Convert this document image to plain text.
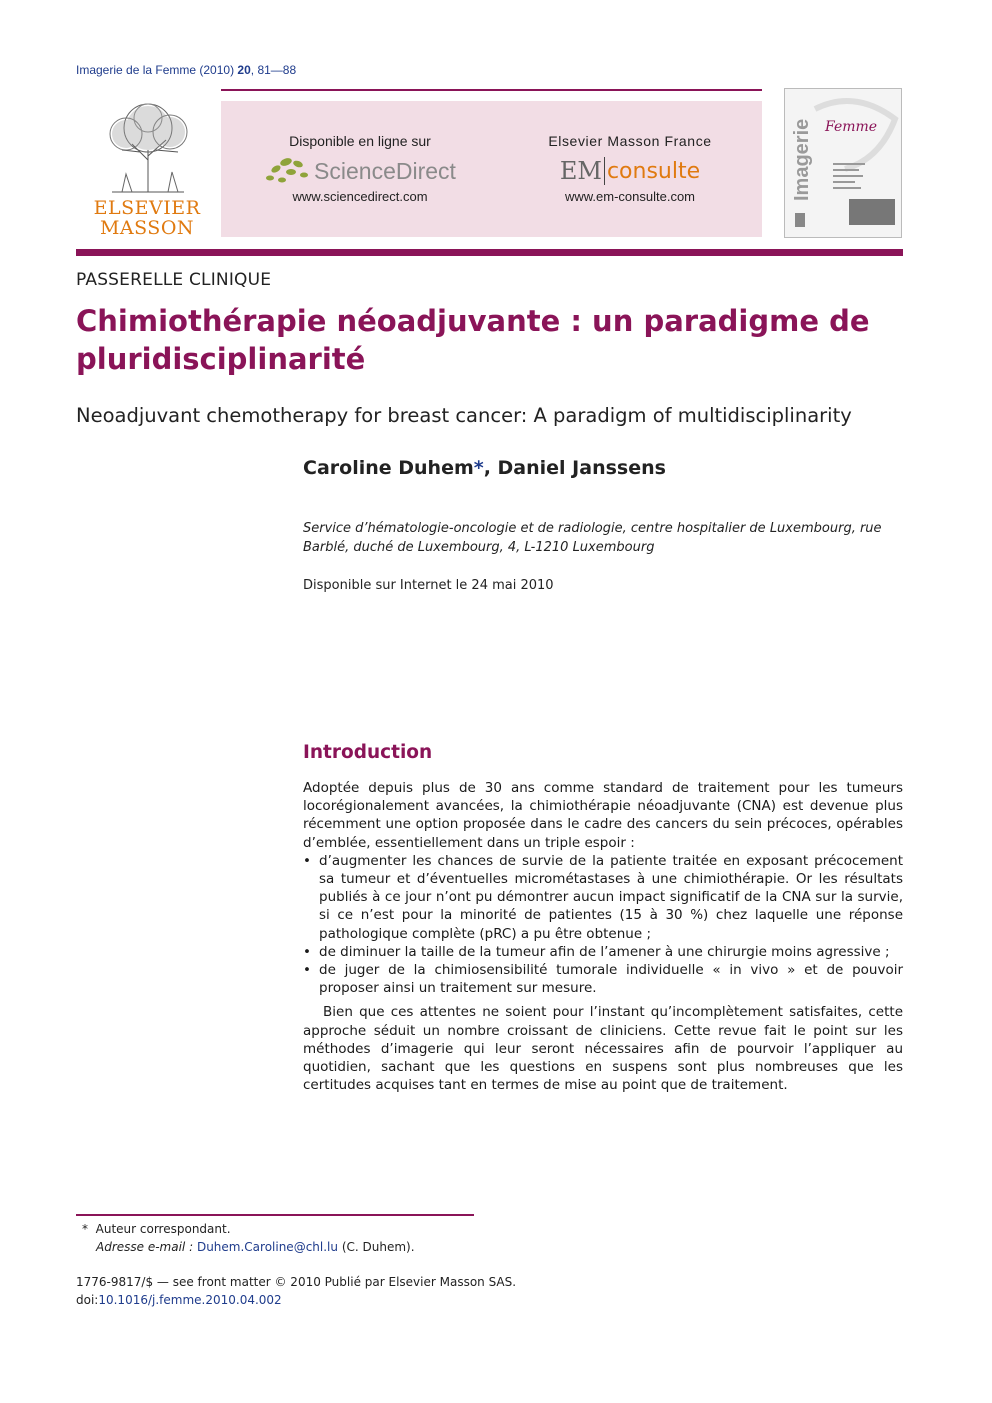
Imagerie de la Femme (2010) 20, 81—88
ELSEVIER
MASSON
Disponible en ligne sur
ScienceDirect
www.sciencedirect.com
Elsevier Masson France
EM consulte
www.em-consulte.com	Imagerie Femme
PASSERELLE CLINIQUE
Chimiothérapie néoadjuvante : un paradigme de pluridisciplinarité
Neoadjuvant chemotherapy for breast cancer: A paradigm of multidisciplinarity
Caroline Duhem*, Daniel Janssens
Service d’hématologie-oncologie et de radiologie, centre hospitalier de Luxembourg, rue Barblé, duché de Luxembourg, 4, L-1210 Luxembourg
Disponible sur Internet le 24 mai 2010
Introduction

Adoptée depuis plus de 30 ans comme standard de traitement pour les tumeurs locorégionalement avancées, la chimiothérapie néoadjuvante (CNA) est devenue plus récemment une option proposée dans le cadre des cancers du sein précoces, opérables d’emblée, essentiellement dans un triple espoir :

• d’augmenter les chances de survie de la patiente traitée en exposant précocement sa tumeur et d’éventuelles micrométastases à une chimiothérapie. Or les résultats publiés à ce jour n’ont pu démontrer aucun impact significatif de la CNA sur la survie, si ce n’est pour la minorité de patientes (15 à 30 %) chez laquelle une réponse pathologique complète (pRC) a pu être obtenue ;
• de diminuer la taille de la tumeur afin de l’amener à une chirurgie moins agressive ;
• de juger de la chimiosensibilité tumorale individuelle « in vivo » et de pouvoir proposer ainsi un traitement sur mesure.

Bien que ces attentes ne soient pour l’instant qu’incomplètement satisfaites, cette approche séduit un nombre croissant de cliniciens. Cette revue fait le point sur les méthodes d’imagerie qui leur seront nécessaires afin de pourvoir l’appliquer au quotidien, sachant que les questions en suspens sont plus nombreuses que les certitudes acquises tant en termes de mise au point que de traitement.

* Auteur correspondant.
Adresse e-mail : Duhem.Caroline@chl.lu (C. Duhem).
1776-9817/$ — see front matter © 2010 Publié par Elsevier Masson SAS.
doi:10.1016/j.femme.2010.04.002
